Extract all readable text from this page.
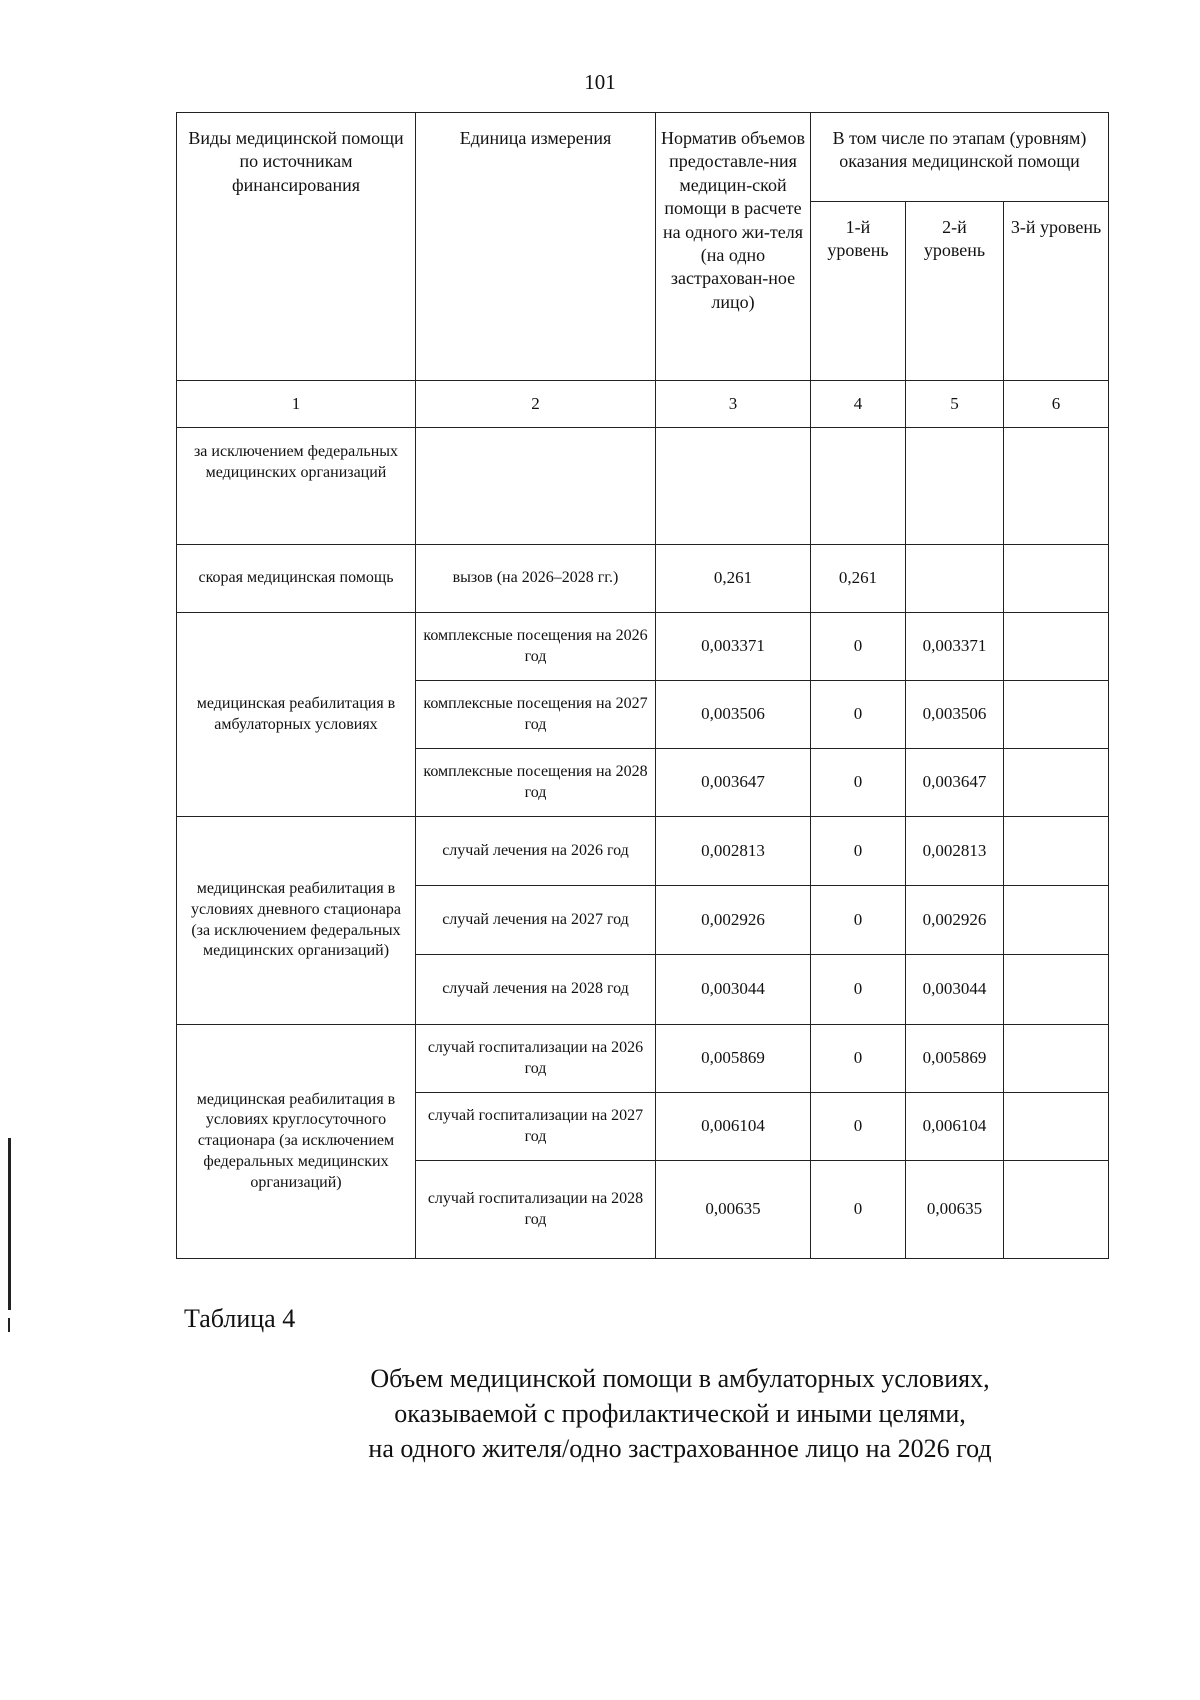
101
Виды медицинской помощи по источникам финансирования	Единица измерения	Норматив объемов предоставле-ния медицин-ской помощи в расчете на одного жи-теля (на одно застрахован-ное лицо)	В том числе по этапам (уровням) оказания медицинской помощи		
			1-й уровень	2-й уровень	3-й уровень
1	2	3	4	5	6
за исключением федеральных медицинских организаций					
скорая медицинская помощь	вызов (на 2026–2028 гг.)	0,261	0,261		
медицинская реабилитация в амбулаторных условиях	комплексные посещения на 2026 год	0,003371	0	0,003371	
	комплексные посещения на 2027 год	0,003506	0	0,003506	
	комплексные посещения на 2028 год	0,003647	0	0,003647	
медицинская реабилитация в условиях дневного стационара (за исключением федеральных медицинских организаций)	случай лечения на 2026 год	0,002813	0	0,002813	
	случай лечения на 2027 год	0,002926	0	0,002926	
	случай лечения на 2028 год	0,003044	0	0,003044	
медицинская реабилитация в условиях круглосуточного стационара (за исключением федеральных медицинских организаций)	случай госпитализации на 2026 год	0,005869	0	0,005869	
	случай госпитализации на 2027 год	0,006104	0	0,006104	
	случай госпитализации на 2028 год	0,00635	0	0,00635	
Таблица 4
Объем медицинской помощи в амбулаторных условиях,
оказываемой с профилактической и иными целями,
на одного жителя/одно застрахованное лицо на 2026 год
